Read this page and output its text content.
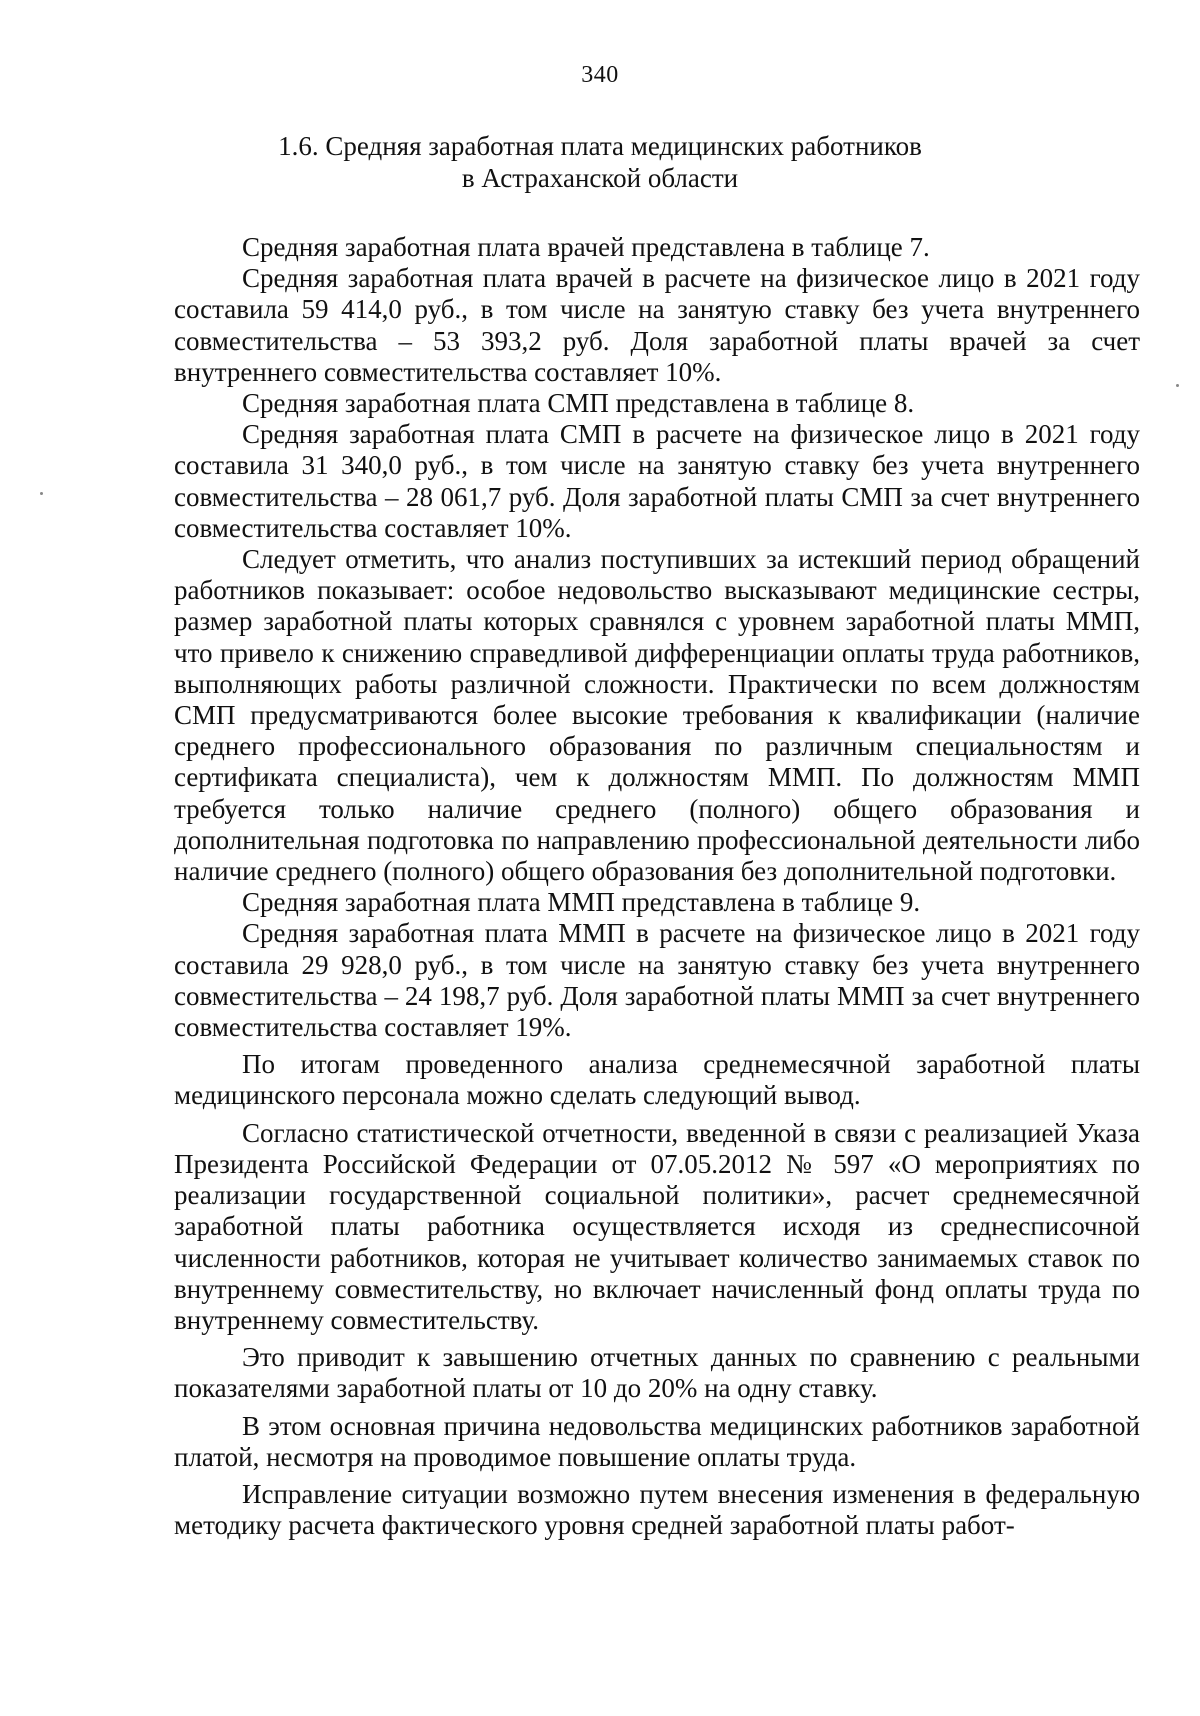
340
1.6. Средняя заработная плата медицинских работников
в Астраханской области

Средняя заработная плата врачей представлена в таблице 7.

Средняя заработная плата врачей в расчете на физическое лицо в 2021 году составила 59 414,0 руб., в том числе на занятую ставку без учета внутреннего совместительства – 53 393,2 руб. Доля заработной платы врачей за счет внутреннего совместительства составляет 10%.

Средняя заработная плата СМП представлена в таблице 8.

Средняя заработная плата СМП в расчете на физическое лицо в 2021 году составила 31 340,0 руб., в том числе на занятую ставку без учета внутреннего совместительства – 28 061,7 руб. Доля заработной платы СМП за счет внутреннего совместительства составляет 10%.

Следует отметить, что анализ поступивших за истекший период обращений работников показывает: особое недовольство высказывают медицинские сестры, размер заработной платы которых сравнялся с уровнем заработной платы ММП, что привело к снижению справедливой дифференциации оплаты труда работников, выполняющих работы различной сложности. Практически по всем должностям СМП предусматриваются более высокие требования к квалификации (наличие среднего профессионального образования по различным специальностям и сертификата специалиста), чем к должностям ММП. По должностям ММП требуется только наличие среднего (полного) общего образования и дополнительная подготовка по направлению профессиональной деятельности либо наличие среднего (полного) общего образования без дополнительной подготовки.

Средняя заработная плата ММП представлена в таблице 9.

Средняя заработная плата ММП в расчете на физическое лицо в 2021 году составила 29 928,0 руб., в том числе на занятую ставку без учета внутреннего совместительства – 24 198,7 руб. Доля заработной платы ММП за счет внутреннего совместительства составляет 19%.

По итогам проведенного анализа среднемесячной заработной платы медицинского персонала можно сделать следующий вывод.

Согласно статистической отчетности, введенной в связи с реализацией Указа Президента Российской Федерации от 07.05.2012 № 597 «О мероприятиях по реализации государственной социальной политики», расчет среднемесячной заработной платы работника осуществляется исходя из среднесписочной численности работников, которая не учитывает количество занимаемых ставок по внутреннему совместительству, но включает начисленный фонд оплаты труда по внутреннему совместительству.

Это приводит к завышению отчетных данных по сравнению с реальными показателями заработной платы от 10 до 20% на одну ставку.

В этом основная причина недовольства медицинских работников заработной платой, несмотря на проводимое повышение оплаты труда.

Исправление ситуации возможно путем внесения изменения в федеральную методику расчета фактического уровня средней заработной платы работ-
